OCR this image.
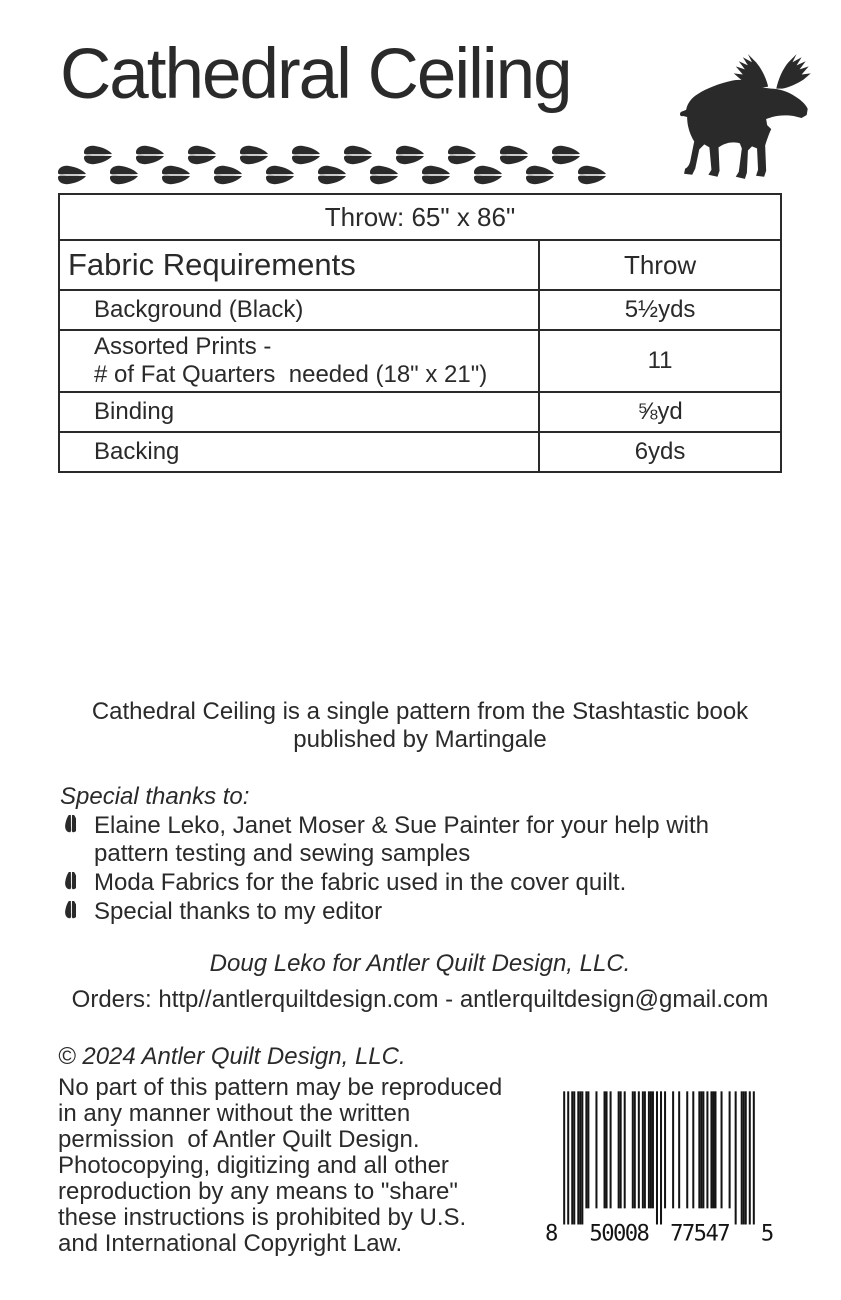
Cathedral Ceiling
Throw: 65" x 86"	
Fabric Requirements	Throw

Background (Black)	5½yds

Assorted Prints -
# of Fat Quarters  needed (18" x 21")	11

Binding	⅝yd

Backing	6yds
Cathedral Ceiling is a single pattern from the Stashtastic book published by Martingale
Special thanks to:
Elaine Leko, Janet Moser & Sue Painter for your help with pattern testing and sewing samples
Moda Fabrics for the fabric used in the cover quilt.
Special thanks to my editor
Doug Leko for Antler Quilt Design, LLC.
Orders: http//antlerquiltdesign.com - antlerquiltdesign@gmail.com
© 2024 Antler Quilt Design, LLC.
No part of this pattern may be reproduced
in any manner without the written
permission  of Antler Quilt Design.
Photocopying, digitizing and all other
reproduction by any means to "share"
these instructions is prohibited by U.S.
and International Copyright Law.	8	50008 77547	5
